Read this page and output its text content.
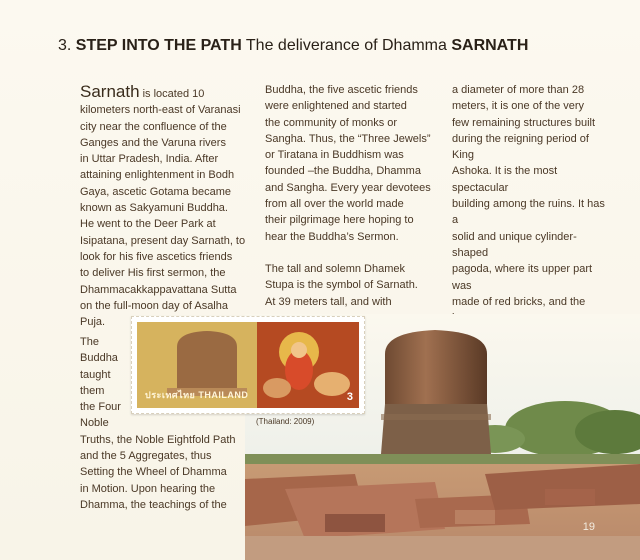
3. STEP INTO THE PATH The deliverance of Dhamma SARNATH

Sarnath is located 10

kilometers north-east of Varanasi

city near the confluence of the

Ganges and the Varuna rivers

in Uttar Pradesh, India. After

attaining enlightenment in Bodh

Gaya, ascetic Gotama became

known as Sakyamuni Buddha.

He went to the Deer Park at

Isipatana, present day Sarnath, to

look for his five ascetics friends

to deliver His first sermon, the

Dhammacakkappavattana Sutta

on the full-moon day of Asalha

Puja.

Buddha, the five ascetic friends

were enlightened and started

the community of monks or

Sangha. Thus, the “Three Jewels”

or Tiratana in Buddhism was

founded –the Buddha, Dhamma

and Sangha. Every year devotees

from all over the world made

their pilgrimage here hoping to

hear the Buddha’s Sermon.

The tall and solemn Dhamek

Stupa is the symbol of Sarnath.

At 39 meters tall, and with

a diameter of more than 28

meters, it is one of the very

few remaining structures built

during the reigning period of King

Ashoka. It is the most spectacular

building among the ruins. It has a

solid and unique cylinder-shaped

pagoda, where its upper part was

made of red bricks, and the

The

Buddha

taught

them

the Four

Noble

Truths, the Noble Eightfold Path

and the 5 Aggregates, thus

Setting the Wheel of Dhamma

in Motion. Upon hearing the

Dhamma, the teachings of the

19
ประเทศไทย THAILAND	3
(Thailand: 2009)
